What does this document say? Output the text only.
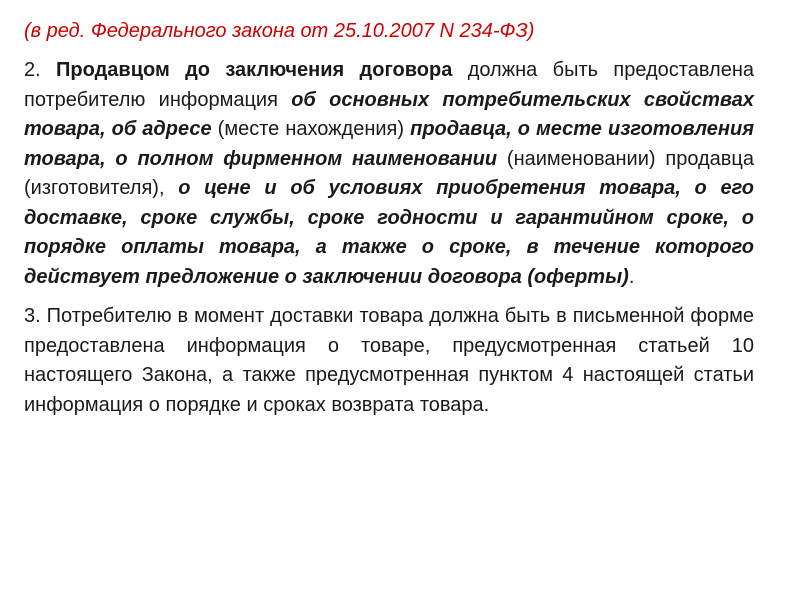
(в ред. Федерального закона от 25.10.2007 N 234-ФЗ)

2. Продавцом до заключения договора должна быть предоставлена потребителю информация об основных потребительских свойствах товара, об адресе (месте нахождения) продавца, о месте изготовления товара, о полном фирменном наименовании (наименовании) продавца (изготовителя), о цене и об условиях приобретения товара, о его доставке, сроке службы, сроке годности и гарантийном сроке, о порядке оплаты товара, а также о сроке, в течение которого действует предложение о заключении договора (оферты).

3. Потребителю в момент доставки товара должна быть в письменной форме предоставлена информация о товаре, предусмотренная статьей 10 настоящего Закона, а также предусмотренная пунктом 4 настоящей статьи информация о порядке и сроках возврата товара.
